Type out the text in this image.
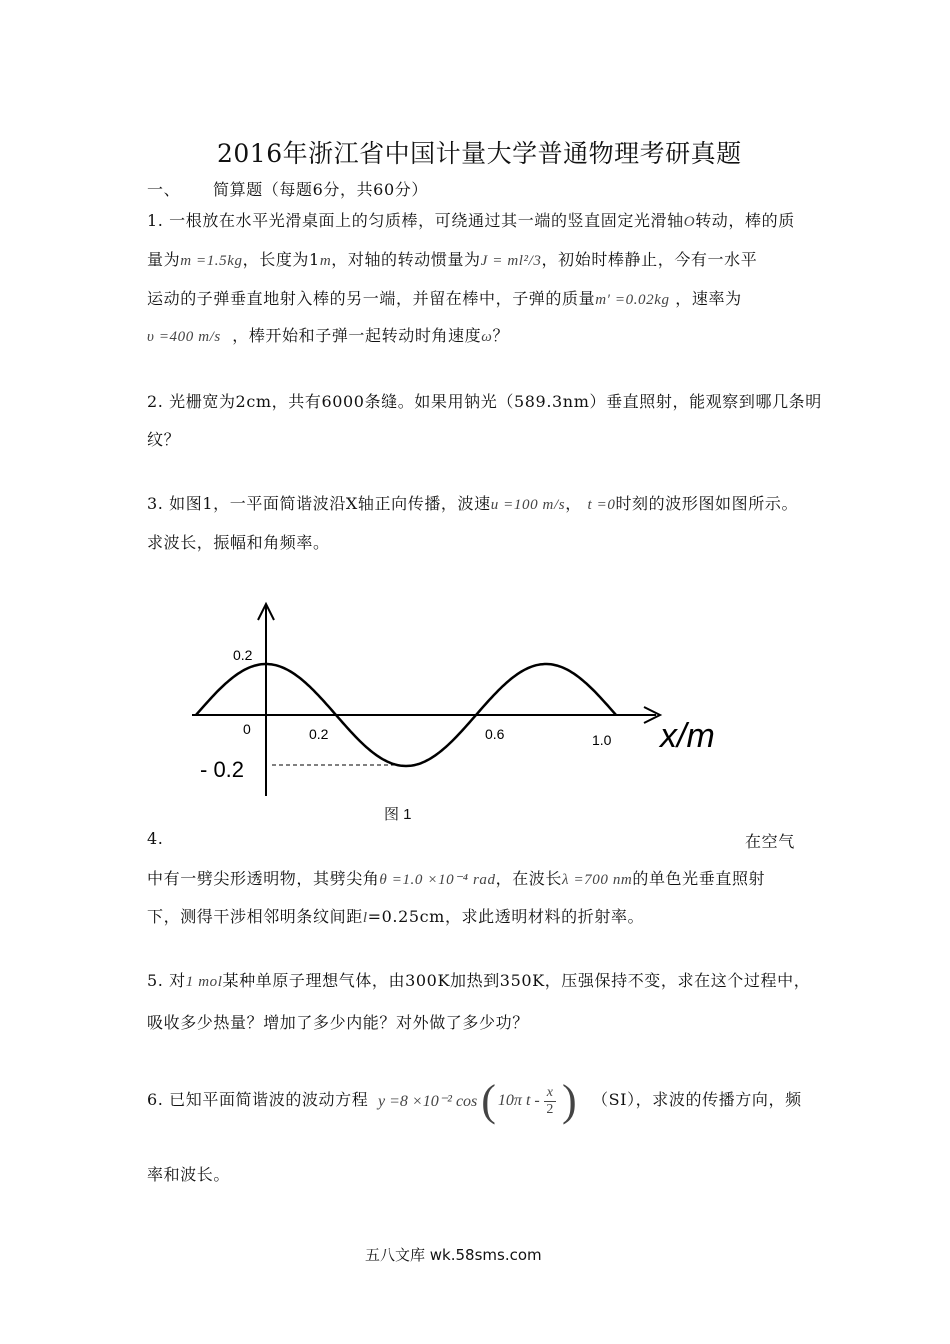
2016年浙江省中国计量大学普通物理考研真题
一、 简算题（每题6分，共60分）
1. 一根放在水平光滑桌面上的匀质棒，可绕通过其一端的竖直固定光滑轴O转动，棒的质
量为m =1.5kg，长度为1m，对轴的转动惯量为J = ml²/3，初始时棒静止，今有一水平
运动的子弹垂直地射入棒的另一端，并留在棒中，子弹的质量m′ =0.02kg ，速率为
υ =400 m/s ，棒开始和子弹一起转动时角速度ω？
2. 光栅宽为2cm，共有6000条缝。如果用钠光（589.3nm）垂直照射，能观察到哪几条明
纹？
3. 如图1，一平面简谐波沿X轴正向传播，波速u =100 m/s， t =0时刻的波形图如图所示。
求波长，振幅和角频率。
0.2
- 0.2
0	0.2	0.6	1.0 x/m
图 1
4.	在空气
中有一劈尖形透明物，其劈尖角θ =1.0 ×10⁻⁴ rad，在波长λ =700 nm的单色光垂直照射
下，测得干涉相邻明条纹间距l=0.25cm，求此透明材料的折射率。
5. 对1 mol某种单原子理想气体，由300K加热到350K，压强保持不变，求在这个过程中，
吸收多少热量？增加了多少内能？对外做了多少功？
6. 已知平面简谐波的波动方程 y =8 ×10⁻² cos ( 10π t - $\frac{x}{2}$ ) （SI），求波的传播方向，频
率和波长。
五八文库 wk.58sms.com
